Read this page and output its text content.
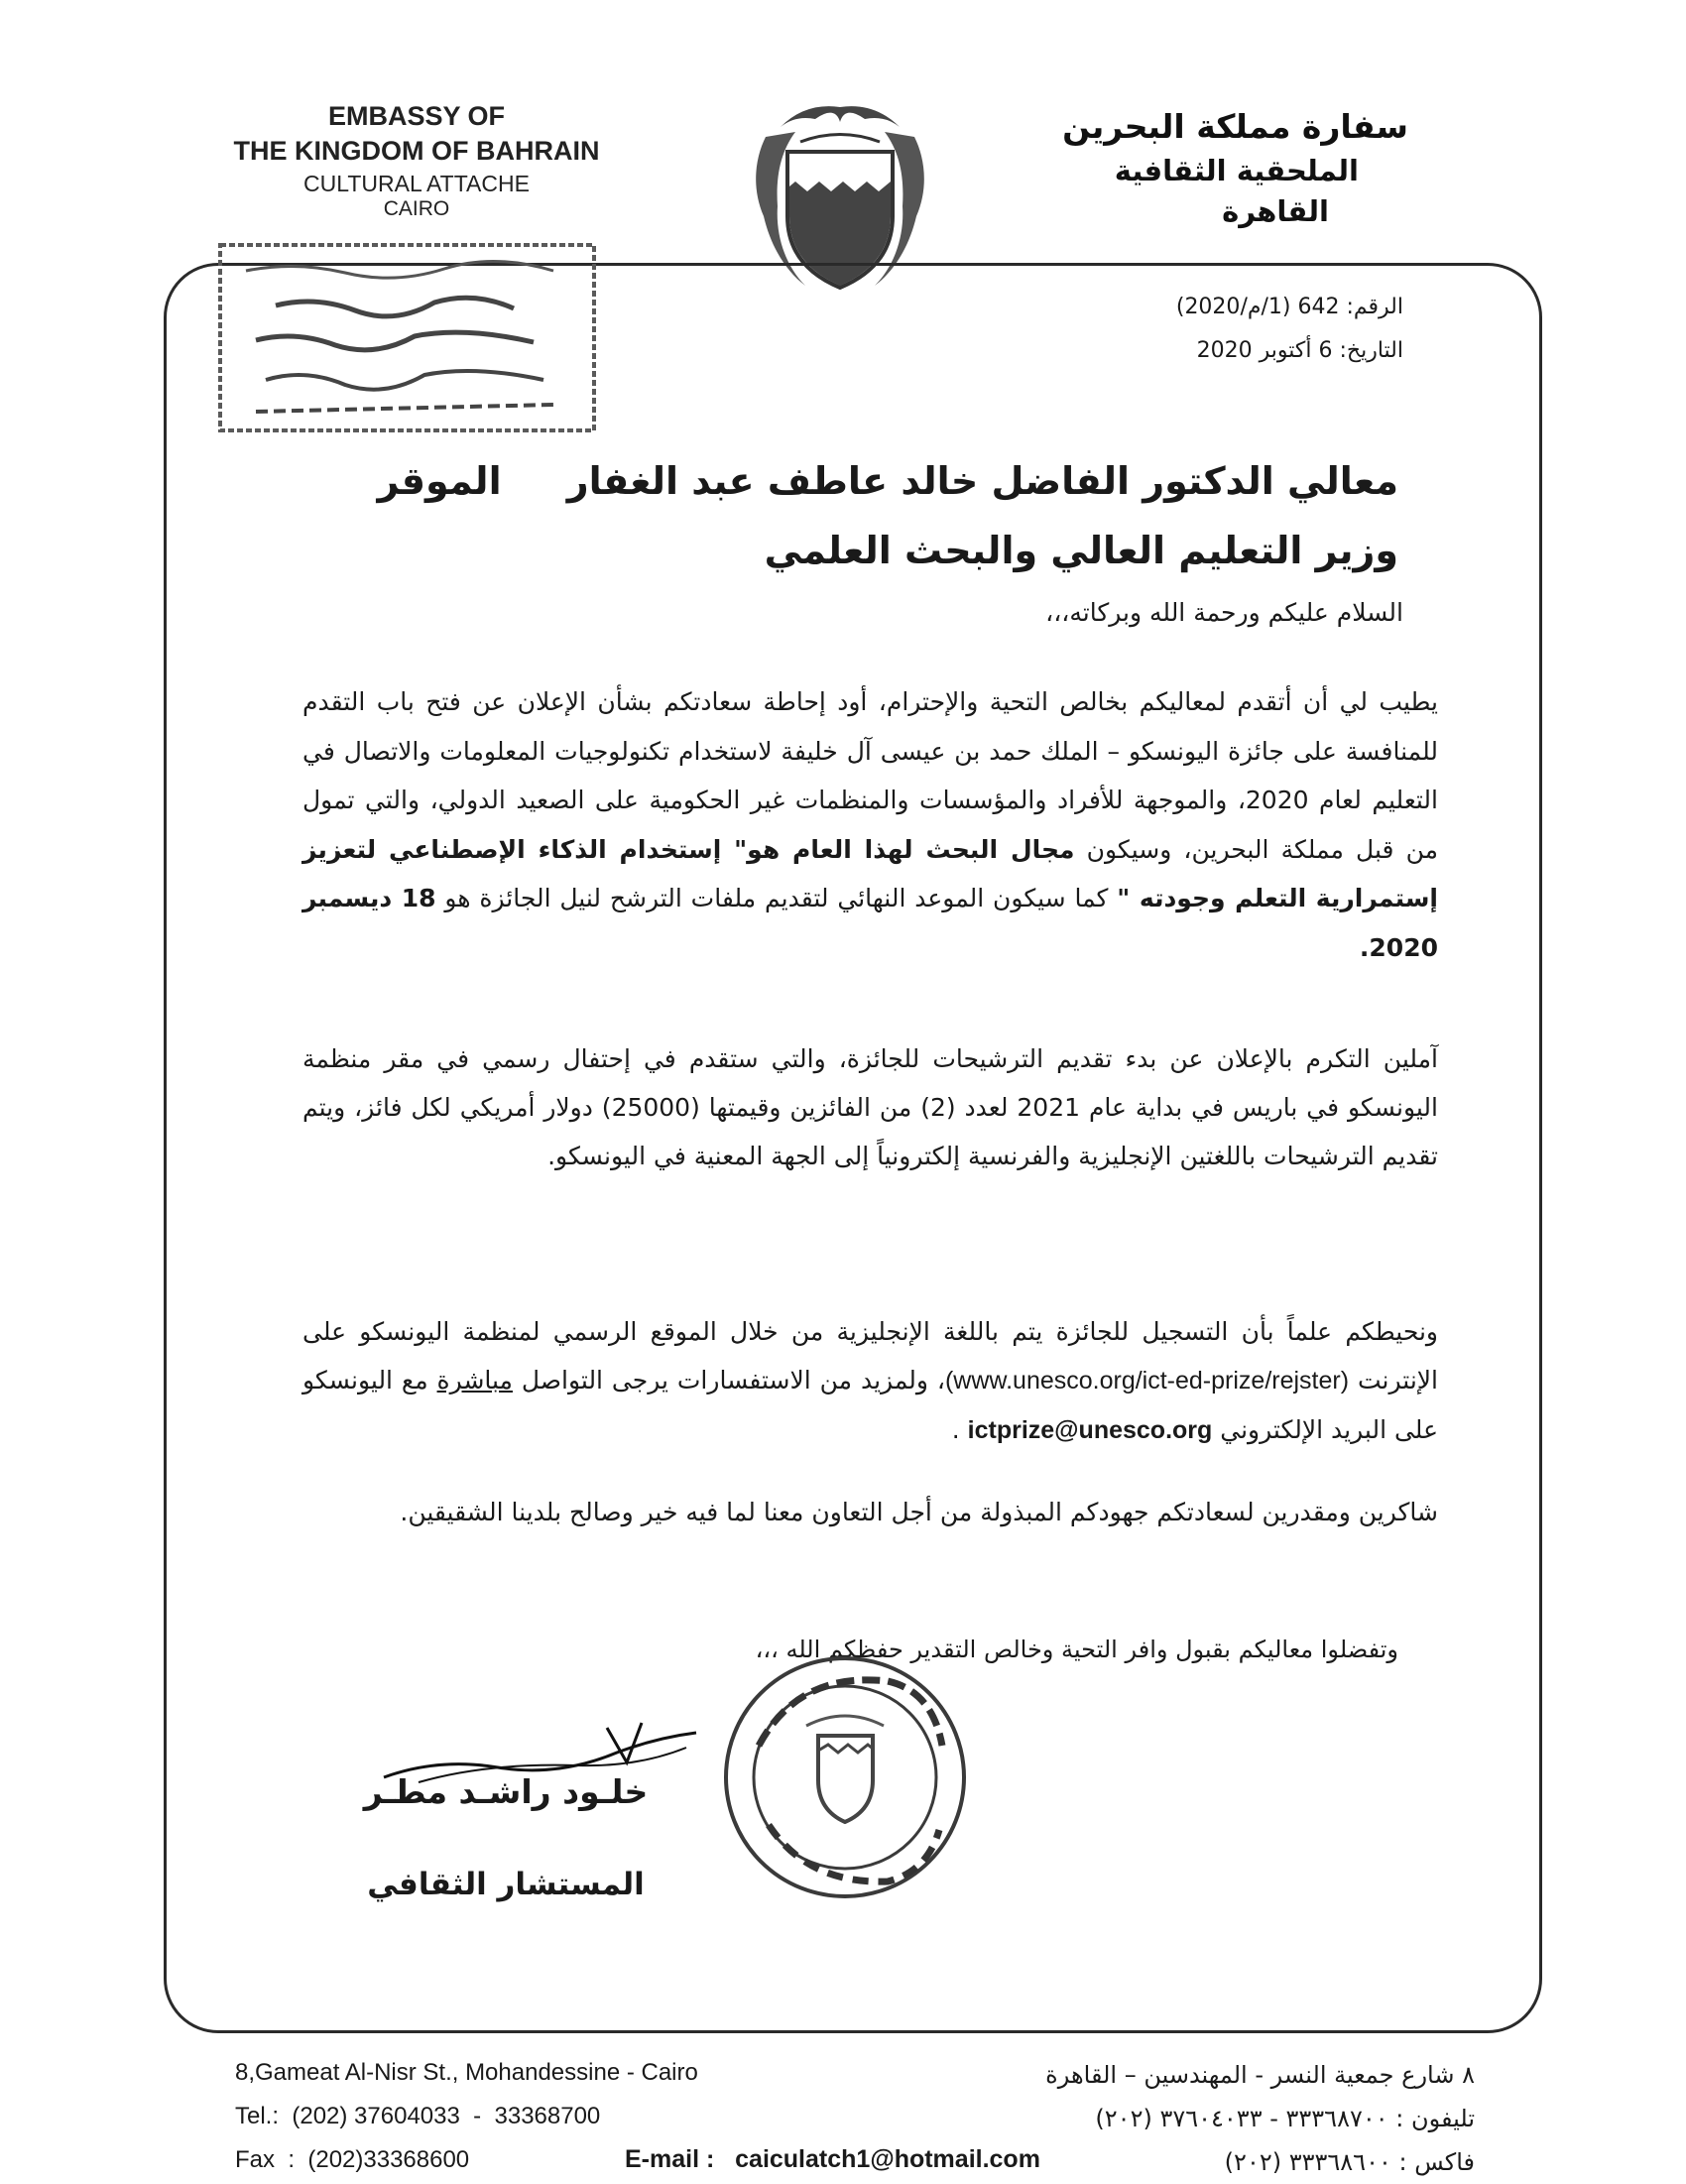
EMBASSY OF
THE KINGDOM OF BAHRAIN
CULTURAL ATTACHE
CAIRO
سفارة مملكة البحرين
الملحقية الثقافية
القاهرة
الرقم: 642 (1/م/2020)
التاريخ: 6 أكتوبر 2020
معالي الدكتور الفاضل خالد عاطف عبد الغفار     الموقر
وزير التعليم العالي والبحث العلمي
السلام عليكم ورحمة الله وبركاته،،،
يطيب لي أن أتقدم لمعاليكم بخالص التحية والإحترام، أود إحاطة سعادتكم بشأن الإعلان عن فتح باب التقدم للمنافسة على جائزة اليونسكو – الملك حمد بن عيسى آل خليفة لاستخدام تكنولوجيات المعلومات والاتصال في التعليم لعام 2020، والموجهة للأفراد والمؤسسات والمنظمات غير الحكومية على الصعيد الدولي، والتي تمول من قبل مملكة البحرين، وسيكون مجال البحث لهذا العام هو" إستخدام الذكاء الإصطناعي لتعزيز إستمرارية التعلم وجودته " كما سيكون الموعد النهائي لتقديم ملفات الترشح لنيل الجائزة هو 18 ديسمبر 2020.
آملين التكرم بالإعلان عن بدء تقديم الترشيحات للجائزة، والتي ستقدم في إحتفال رسمي في مقر منظمة اليونسكو في باريس في بداية عام 2021 لعدد (2) من الفائزين وقيمتها (25000) دولار أمريكي لكل فائز، ويتم تقديم الترشيحات باللغتين الإنجليزية والفرنسية إلكترونياً إلى الجهة المعنية في اليونسكو.
ونحيطكم علماً بأن التسجيل للجائزة يتم باللغة الإنجليزية من خلال الموقع الرسمي لمنظمة اليونسكو على الإنترنت (www.unesco.org/ict-ed-prize/rejster)، ولمزيد من الاستفسارات يرجى التواصل مباشرة مع اليونسكو على البريد الإلكتروني ictprize@unesco.org .
شاكرين ومقدرين لسعادتكم جهودكم المبذولة من أجل التعاون معنا لما فيه خير وصالح بلدينا الشقيقين.
وتفضلوا معاليكم بقبول وافر التحية وخالص التقدير حفظكم الله ،،،
خلـود راشـد مطـر
المستشار الثقافي
8,Gameat Al-Nisr St., Mohandessine - Cairo
Tel.:  (202) 37604033  -  33368700
Fax  :  (202)33368600
٨ شارع جمعية النسر - المهندسين – القاهرة
تليفون : ٣٣٣٦٨٧٠٠ - ٣٧٦٠٤٠٣٣ (٢٠٢)
فاكس : ٣٣٣٦٨٦٠٠ (٢٠٢)
E-mail :   caiculatch1@hotmail.com
